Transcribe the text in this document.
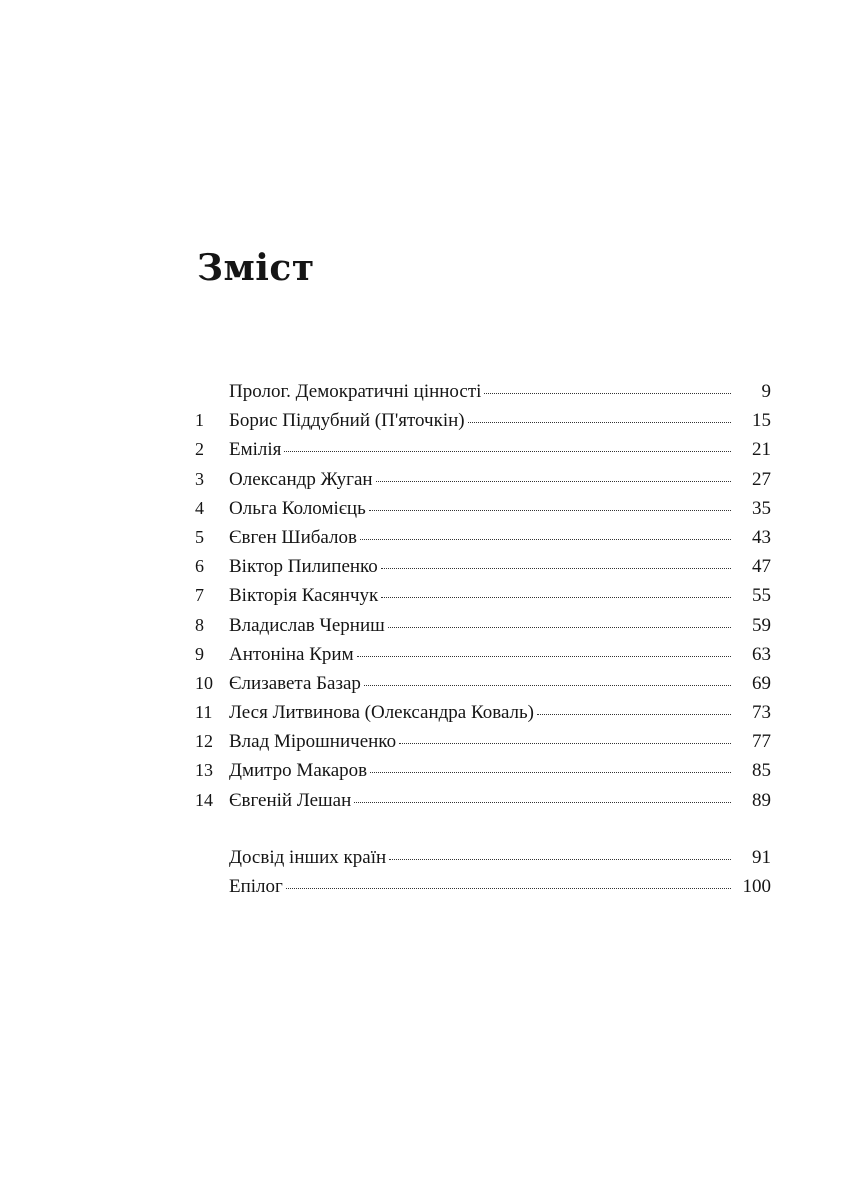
Зміст
Пролог. Демократичні цінності	9
1	Борис Піддубний (П'яточкін)	15
2	Емілія	21
3	Олександр Жуган	27
4	Ольга Коломієць	35
5	Євген Шибалов	43
6	Віктор Пилипенко	47
7	Вікторія Касянчук	55
8	Владислав Черниш	59
9	Антоніна Крим	63
10 Єлизавета Базар	69
11 Леся Литвинова (Олександра Коваль)	73
12 Влад Мірошниченко	77
13 Дмитро Макаров	85
14 Євгеній Лешан	89
Досвід інших країн	91
Епілог	100
